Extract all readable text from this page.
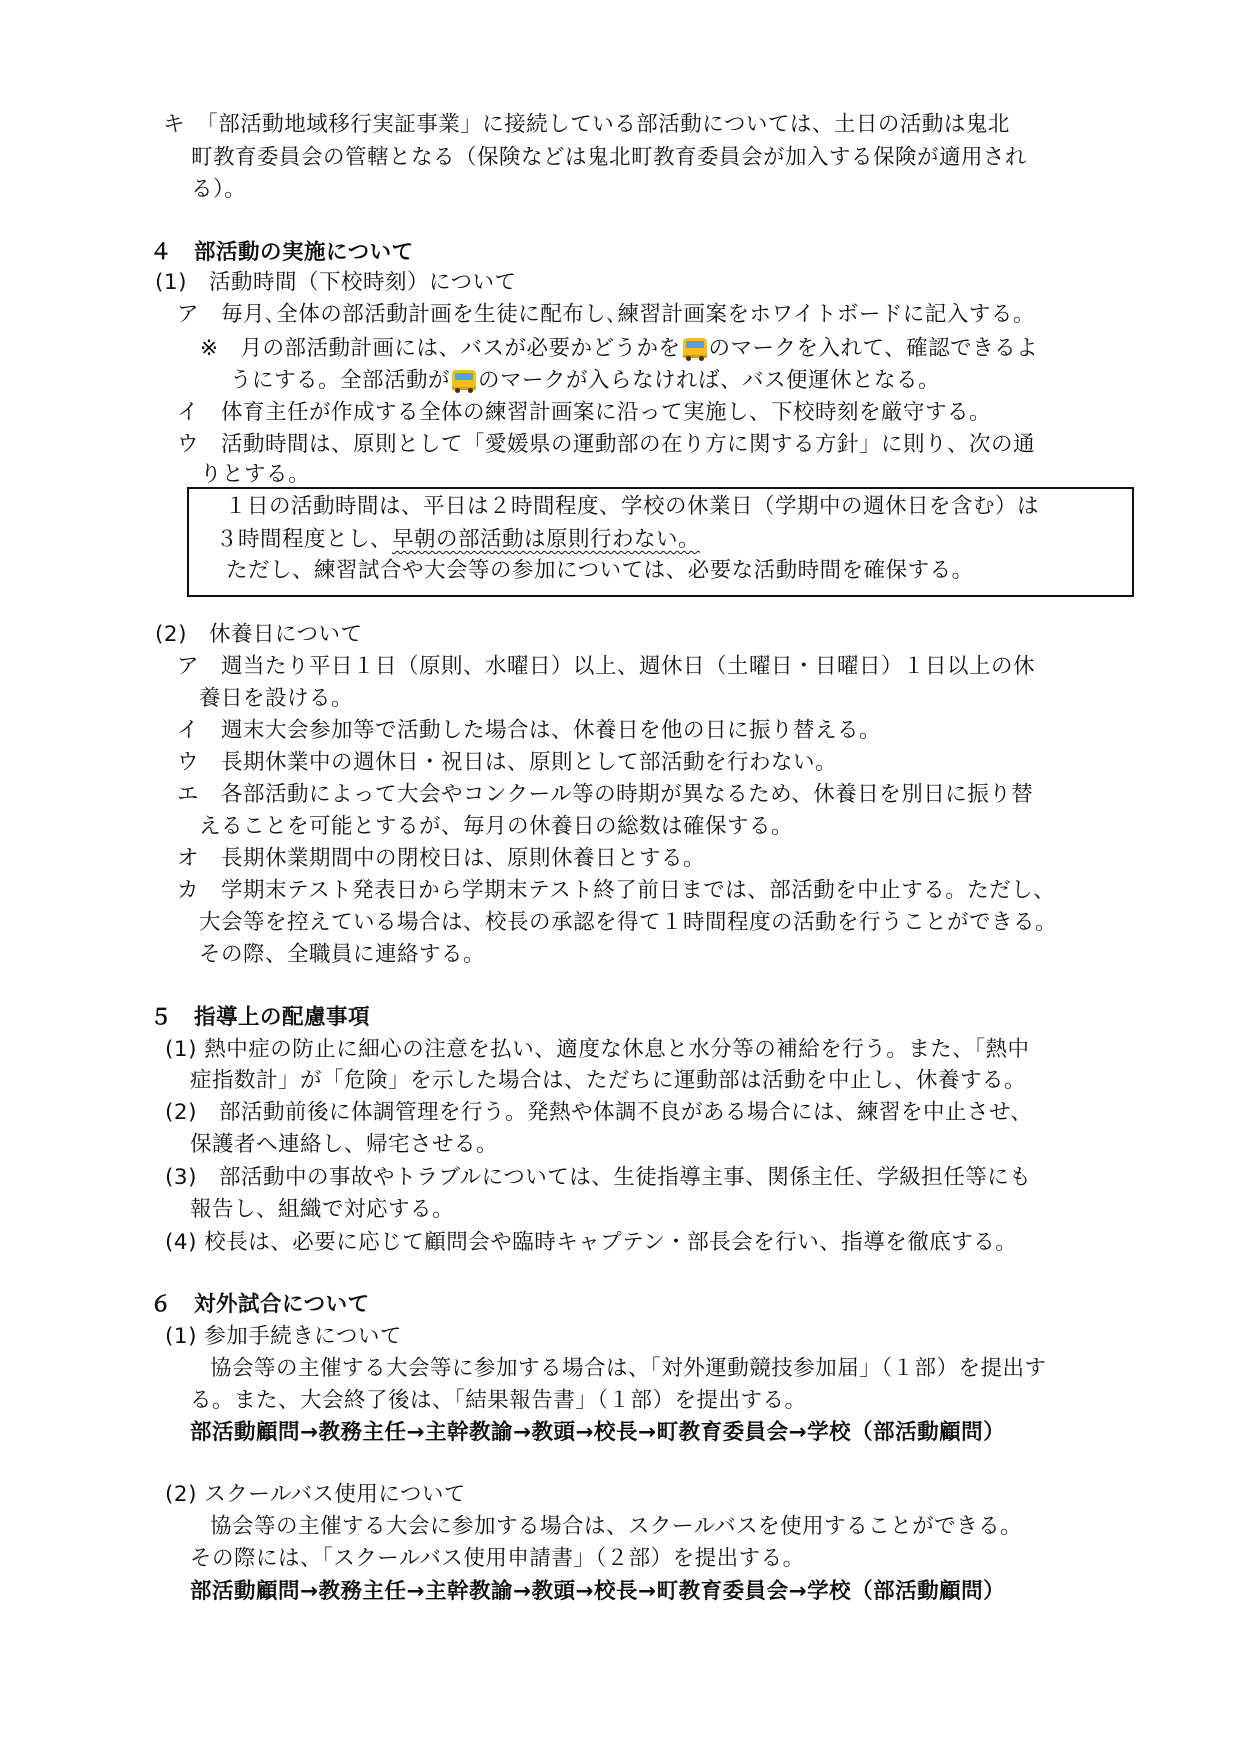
キ　「部活動地域移行実証事業」に接続している部活動については、土日の活動は鬼北
町教育委員会の管轄となる（保険などは鬼北町教育委員会が加入する保険が適用され
る）。
４　部活動の実施について
(1)　活動時間（下校時刻）について
ア　毎月､全体の部活動計画を生徒に配布し､練習計画案をホワイトボードに記入する。
※　月の部活動計画には、バスが必要かどうかを のマークを入れて、確認できるよ
うにする。全部活動が のマークが入らなければ、バス便運休となる。
イ　体育主任が作成する全体の練習計画案に沿って実施し、下校時刻を厳守する。
ウ　活動時間は、原則として「愛媛県の運動部の在り方に関する方針」に則り、次の通
りとする。
１日の活動時間は、平日は２時間程度、学校の休業日（学期中の週休日を含む）は
３時間程度とし、早朝の部活動は原則行わない。
ただし、練習試合や大会等の参加については、必要な活動時間を確保する。
(2)　休養日について
ア　週当たり平日１日（原則、水曜日）以上、週休日（土曜日・日曜日）１日以上の休
養日を設ける。
イ　週末大会参加等で活動した場合は、休養日を他の日に振り替える。
ウ　長期休業中の週休日・祝日は、原則として部活動を行わない。
エ　各部活動によって大会やコンクール等の時期が異なるため、休養日を別日に振り替
えることを可能とするが、毎月の休養日の総数は確保する。
オ　長期休業期間中の閉校日は、原則休養日とする。
カ　学期末テスト発表日から学期末テスト終了前日までは、部活動を中止する。ただし、
大会等を控えている場合は、校長の承認を得て１時間程度の活動を行うことができる。
その際、全職員に連絡する。
５　指導上の配慮事項
(1) 熱中症の防止に細心の注意を払い、適度な休息と水分等の補給を行う。また、「熱中
症指数計」が「危険」を示した場合は、ただちに運動部は活動を中止し、休養する。
(2)　部活動前後に体調管理を行う。発熱や体調不良がある場合には、練習を中止させ、
保護者へ連絡し、帰宅させる。
(3)　部活動中の事故やトラブルについては、生徒指導主事、関係主任、学級担任等にも
報告し、組織で対応する。
(4) 校長は、必要に応じて顧問会や臨時キャプテン・部長会を行い、指導を徹底する。
６　対外試合について
(1) 参加手続きについて
協会等の主催する大会等に参加する場合は、「対外運動競技参加届」（１部）を提出す
る。また、大会終了後は、「結果報告書」（１部）を提出する。
部活動顧問→教務主任→主幹教諭→教頭→校長→町教育委員会→学校（部活動顧問）
(2) スクールバス使用について
協会等の主催する大会に参加する場合は、スクールバスを使用することができる。
その際には、「スクールバス使用申請書」（２部）を提出する。
部活動顧問→教務主任→主幹教諭→教頭→校長→町教育委員会→学校（部活動顧問）
